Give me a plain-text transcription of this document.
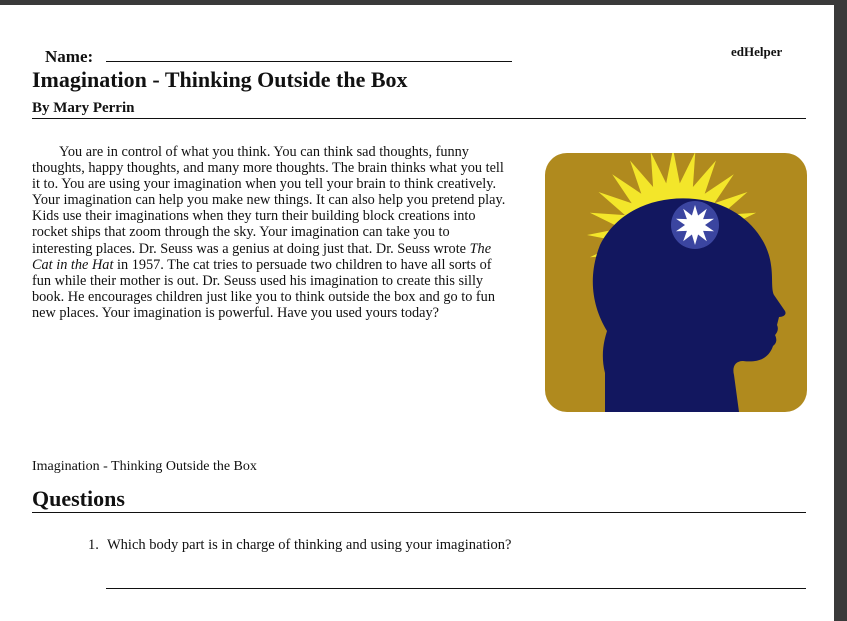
Name:	edHelper
Imagination - Thinking Outside the Box
By Mary Perrin

You are in control of what you think. You can think sad thoughts, funny thoughts, happy thoughts, and many more thoughts. The brain thinks what you tell it to. You are using your imagination when you tell your brain to think creatively. Your imagination can help you make new things. It can also help you pretend play. Kids use their imaginations when they turn their building block creations into rocket ships that zoom through the sky. Your imagination can take you to interesting places. Dr. Seuss was a genius at doing just that. Dr. Seuss wrote The Cat in the Hat in 1957. The cat tries to persuade two children to have all sorts of fun while their mother is out. Dr. Seuss used his imagination to create this silly book. He encourages children just like you to think outside the box and go to fun new places. Your imagination is powerful. Have you used yours today?

Imagination - Thinking Outside the Box
Questions
1. Which body part is in charge of thinking and using your imagination?
